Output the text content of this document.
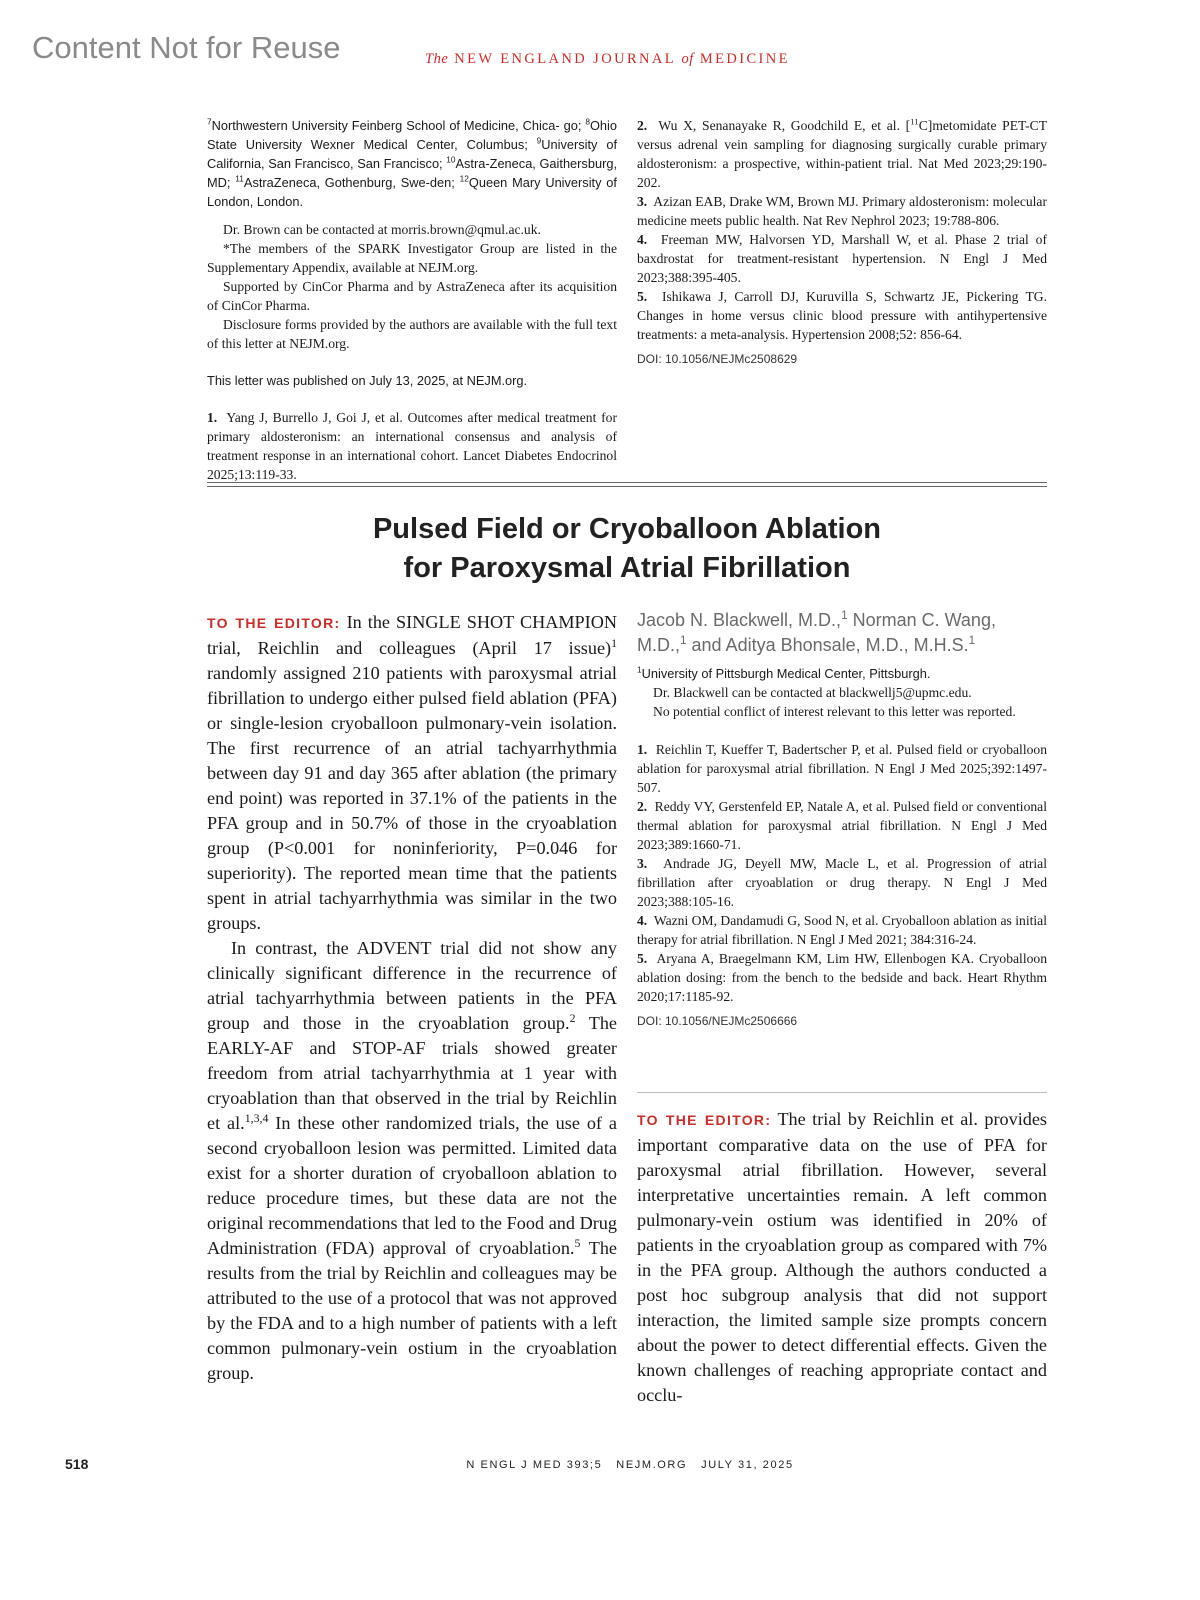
Content Not for Reuse	The NEW ENGLAND JOURNAL of MEDICINE
$^7$Northwestern University Feinberg School of Medicine, Chica- go; $^8$Ohio State University Wexner Medical Center, Columbus; $^9$University of California, San Francisco, San Francisco; $^{10}$Astra-Zeneca, Gaithersburg, MD; $^{11}$AstraZeneca, Gothenburg, Swe-den; $^{12}$Queen Mary University of London, London.

Dr. Brown can be contacted at morris.brown@qmul.ac.uk.

*The members of the SPARK Investigator Group are listed in the Supplementary Appendix, available at NEJM.org.

Supported by CinCor Pharma and by AstraZeneca after its acquisition of CinCor Pharma.

Disclosure forms provided by the authors are available with the full text of this letter at NEJM.org.

This letter was published on July 13, 2025, at NEJM.org.
1. Yang J, Burrello J, Goi J, et al. Outcomes after medical treatment for primary aldosteronism: an international consensus and analysis of treatment response in an international cohort. Lancet Diabetes Endocrinol 2025;13:119-33.

2. Wu X, Senanayake R, Goodchild E, et al. [$^{11}$C]metomidate PET-CT versus adrenal vein sampling for diagnosing surgically curable primary aldosteronism: a prospective, within-patient trial. Nat Med 2023;29:190-202.

3. Azizan EAB, Drake WM, Brown MJ. Primary aldosteronism: molecular medicine meets public health. Nat Rev Nephrol 2023; 19:788-806.

4. Freeman MW, Halvorsen YD, Marshall W, et al. Phase 2 trial of baxdrostat for treatment-resistant hypertension. N Engl J Med 2023;388:395-405.

5. Ishikawa J, Carroll DJ, Kuruvilla S, Schwartz JE, Pickering TG. Changes in home versus clinic blood pressure with antihypertensive treatments: a meta-analysis. Hypertension 2008;52: 856-64.

DOI: 10.1056/NEJMc2508629

Pulsed Field or Cryoballoon Ablation
for Paroxysmal Atrial Fibrillation

TO THE EDITOR: In the SINGLE SHOT CHAMPION trial, Reichlin and colleagues (April 17 issue)$^1$ randomly assigned 210 patients with paroxysmal atrial fibrillation to undergo either pulsed field ablation (PFA) or single-lesion cryoballoon pulmonary-vein isolation. The first recurrence of an atrial tachyarrhythmia between day 91 and day 365 after ablation (the primary end point) was reported in 37.1% of the patients in the PFA group and in 50.7% of those in the cryoablation group (P<0.001 for noninferiority, P=0.046 for superiority). The reported mean time that the patients spent in atrial tachyarrhythmia was similar in the two groups.

In contrast, the ADVENT trial did not show any clinically significant difference in the recurrence of atrial tachyarrhythmia between patients in the PFA group and those in the cryoablation group.$^2$ The EARLY-AF and STOP-AF trials showed greater freedom from atrial tachyarrhythmia at 1 year with cryoablation than that observed in the trial by Reichlin et al.$^{1,3,4}$ In these other randomized trials, the use of a second cryoballoon lesion was permitted. Limited data exist for a shorter duration of cryoballoon ablation to reduce procedure times, but these data are not the original recommendations that led to the Food and Drug Administration (FDA) approval of cryoablation.$^5$ The results from the trial by Reichlin and colleagues may be attributed to the use of a protocol that was not approved by the FDA and to a high number of patients with a left common pulmonary-vein ostium in the cryoablation group.

Jacob N. Blackwell, M.D.,$^1$ Norman C. Wang, M.D.,$^1$ and Aditya Bhonsale, M.D., M.H.S.$^1$
$^1$University of Pittsburgh Medical Center, Pittsburgh.

Dr. Blackwell can be contacted at blackwellj5@upmc.edu.

No potential conflict of interest relevant to this letter was reported.

1. Reichlin T, Kueffer T, Badertscher P, et al. Pulsed field or cryoballoon ablation for paroxysmal atrial fibrillation. N Engl J Med 2025;392:1497-507.

2. Reddy VY, Gerstenfeld EP, Natale A, et al. Pulsed field or conventional thermal ablation for paroxysmal atrial fibrillation. N Engl J Med 2023;389:1660-71.

3. Andrade JG, Deyell MW, Macle L, et al. Progression of atrial fibrillation after cryoablation or drug therapy. N Engl J Med 2023;388:105-16.

4. Wazni OM, Dandamudi G, Sood N, et al. Cryoballoon ablation as initial therapy for atrial fibrillation. N Engl J Med 2021; 384:316-24.

5. Aryana A, Braegelmann KM, Lim HW, Ellenbogen KA. Cryoballoon ablation dosing: from the bench to the bedside and back. Heart Rhythm 2020;17:1185-92.

DOI: 10.1056/NEJMc2506666

TO THE EDITOR: The trial by Reichlin et al. provides important comparative data on the use of PFA for paroxysmal atrial fibrillation. However, several interpretative uncertainties remain. A left common pulmonary-vein ostium was identified in 20% of patients in the cryoablation group as compared with 7% in the PFA group. Although the authors conducted a post hoc subgroup analysis that did not support interaction, the limited sample size prompts concern about the power to detect differential effects. Given the known challenges of reaching appropriate contact and occlu-

518	N ENGL J MED 393;5 NEJM.ORG JULY 31, 2025
